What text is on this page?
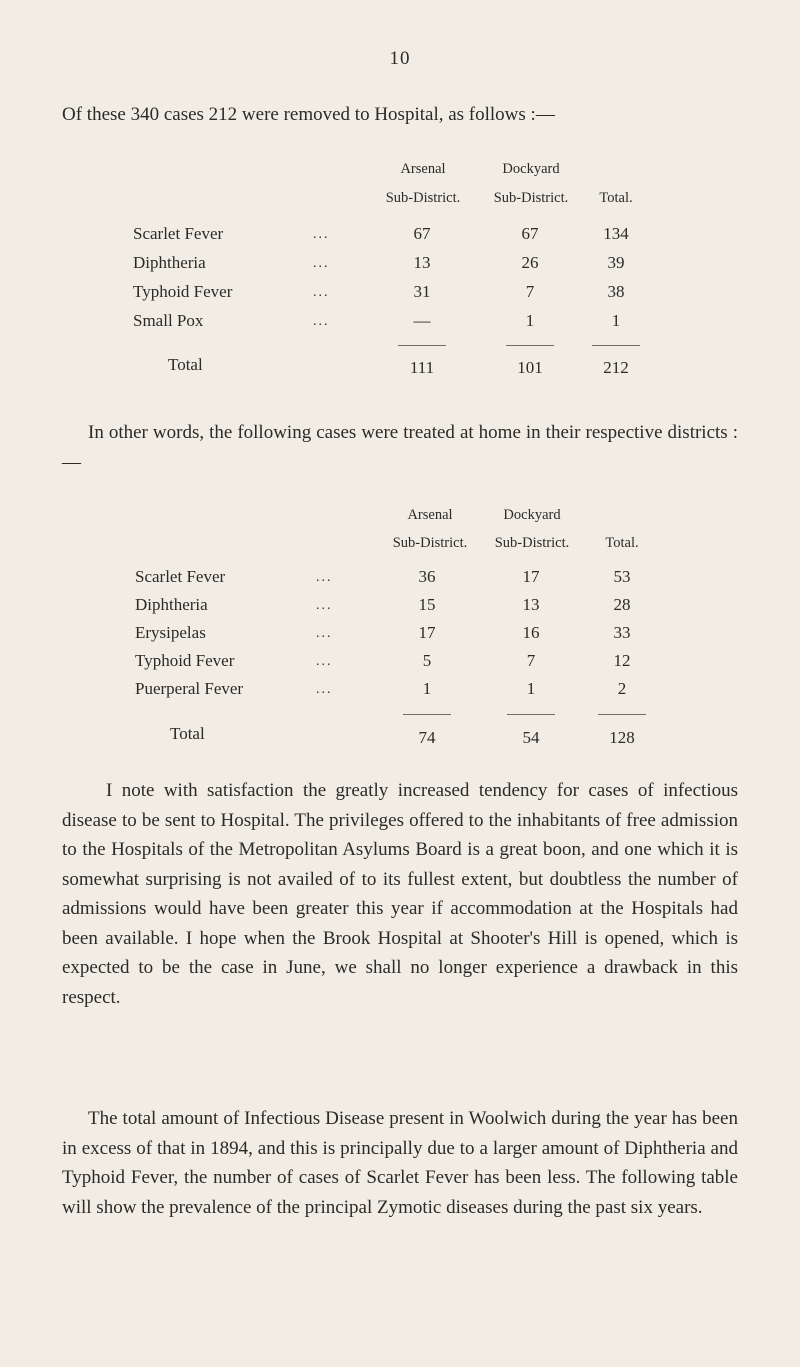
10

Of these 340 cases 212 were removed to Hospital, as follows :—

Arsenal
Sub-District.
Dockyard
Sub-District.	Total.
Scarlet Fever	...	67	67	134
Diphtheria	...	13	26	39
Typhoid Fever	...	31	7	38
Small Pox	...	—	1	1
Total	111	101	212

In other words, the following cases were treated at home in their respective districts :—

Arsenal
Sub-District.
Dockyard
Sub-District.	Total.
Scarlet Fever	...	36	17	53
Diphtheria	...	15	13	28
Erysipelas	...	17	16	33
Typhoid Fever	...	5	7	12
Puerperal Fever	...	1	1	2
Total	74	54	128

I note with satisfaction the greatly increased tendency for cases of infectious disease to be sent to Hospital. The privileges offered to the inhabitants of free admission to the Hospitals of the Metropolitan Asylums Board is a great boon, and one which it is somewhat surprising is not availed of to its fullest extent, but doubtless the number of admissions would have been greater this year if accommodation at the Hospitals had been available. I hope when the Brook Hospital at Shooter's Hill is opened, which is expected to be the case in June, we shall no longer experience a drawback in this respect.

The total amount of Infectious Disease present in Woolwich during the year has been in excess of that in 1894, and this is principally due to a larger amount of Diphtheria and Typhoid Fever, the number of cases of Scarlet Fever has been less. The following table will show the prevalence of the principal Zymotic diseases during the past six years.
